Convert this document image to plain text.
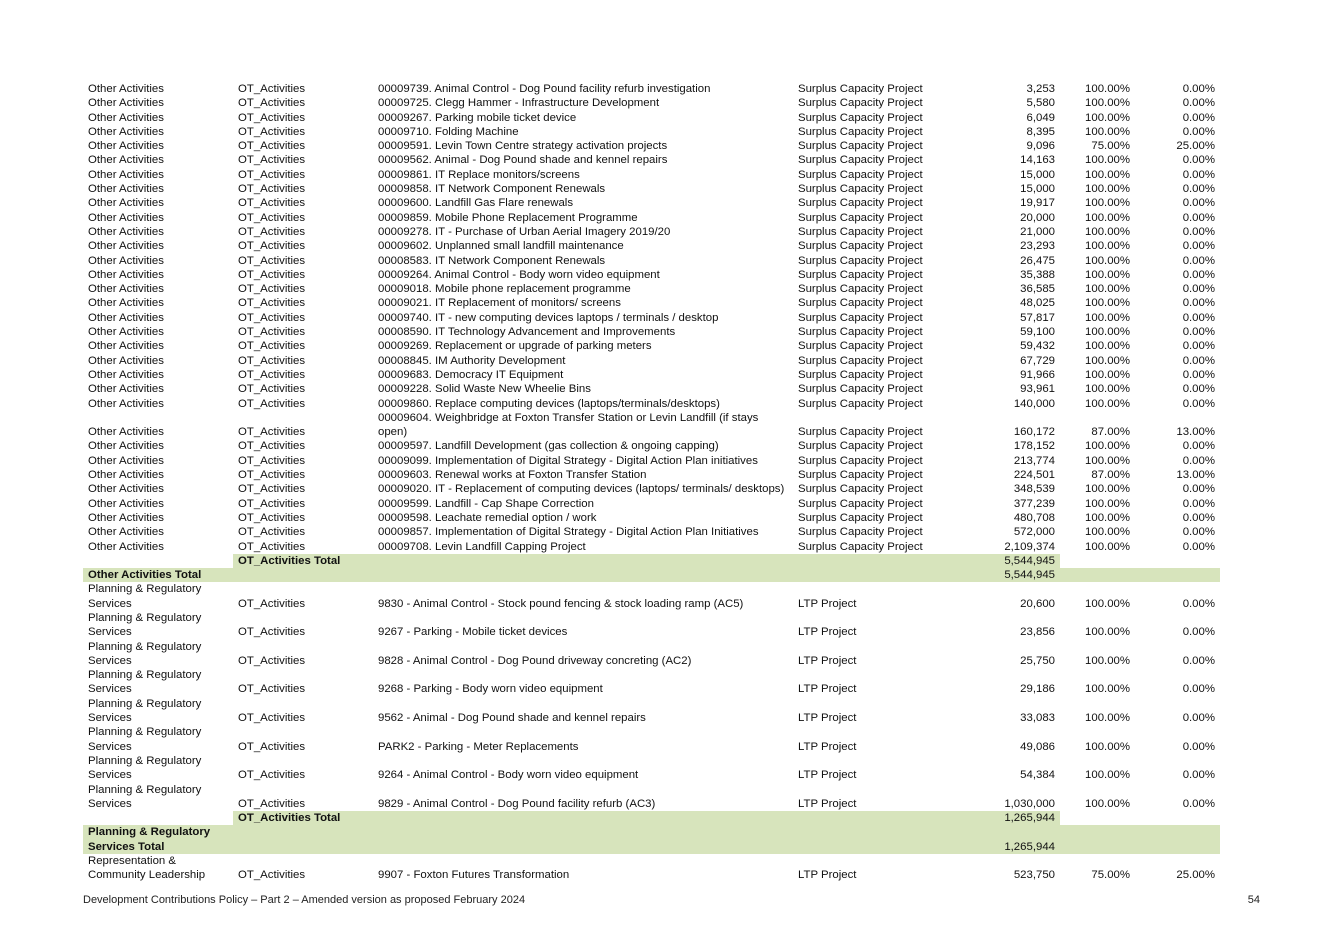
Other Activities	OT_Activities	00009739. Animal Control - Dog Pound facility refurb investigation	Surplus Capacity Project	3,253	100.00%	0.00%
Other Activities	OT_Activities	00009725. Clegg Hammer - Infrastructure Development	Surplus Capacity Project	5,580	100.00%	0.00%
Other Activities	OT_Activities	00009267. Parking mobile ticket device	Surplus Capacity Project	6,049	100.00%	0.00%
Other Activities	OT_Activities	00009710. Folding Machine	Surplus Capacity Project	8,395	100.00%	0.00%
Other Activities	OT_Activities	00009591. Levin Town Centre strategy activation projects	Surplus Capacity Project	9,096	75.00%	25.00%
Other Activities	OT_Activities	00009562. Animal - Dog Pound shade and kennel repairs	Surplus Capacity Project	14,163	100.00%	0.00%
Other Activities	OT_Activities	00009861. IT Replace monitors/screens	Surplus Capacity Project	15,000	100.00%	0.00%
Other Activities	OT_Activities	00009858. IT Network Component Renewals	Surplus Capacity Project	15,000	100.00%	0.00%
Other Activities	OT_Activities	00009600. Landfill Gas Flare renewals	Surplus Capacity Project	19,917	100.00%	0.00%
Other Activities	OT_Activities	00009859. Mobile Phone Replacement Programme	Surplus Capacity Project	20,000	100.00%	0.00%
Other Activities	OT_Activities	00009278. IT - Purchase of Urban Aerial Imagery 2019/20	Surplus Capacity Project	21,000	100.00%	0.00%
Other Activities	OT_Activities	00009602. Unplanned small landfill maintenance	Surplus Capacity Project	23,293	100.00%	0.00%
Other Activities	OT_Activities	00008583. IT Network Component Renewals	Surplus Capacity Project	26,475	100.00%	0.00%
Other Activities	OT_Activities	00009264. Animal Control - Body worn video equipment	Surplus Capacity Project	35,388	100.00%	0.00%
Other Activities	OT_Activities	00009018. Mobile phone replacement programme	Surplus Capacity Project	36,585	100.00%	0.00%
Other Activities	OT_Activities	00009021. IT Replacement of monitors/ screens	Surplus Capacity Project	48,025	100.00%	0.00%
Other Activities	OT_Activities	00009740. IT - new computing devices laptops / terminals / desktop	Surplus Capacity Project	57,817	100.00%	0.00%
Other Activities	OT_Activities	00008590. IT Technology Advancement and Improvements	Surplus Capacity Project	59,100	100.00%	0.00%
Other Activities	OT_Activities	00009269. Replacement or upgrade of parking meters	Surplus Capacity Project	59,432	100.00%	0.00%
Other Activities	OT_Activities	00008845. IM Authority Development	Surplus Capacity Project	67,729	100.00%	0.00%
Other Activities	OT_Activities	00009683. Democracy IT Equipment	Surplus Capacity Project	91,966	100.00%	0.00%
Other Activities	OT_Activities	00009228. Solid Waste New Wheelie Bins	Surplus Capacity Project	93,961	100.00%	0.00%
Other Activities	OT_Activities	00009860. Replace computing devices (laptops/terminals/desktops)	Surplus Capacity Project	140,000	100.00%	0.00%
Other Activities	OT_Activities	00009604. Weighbridge at Foxton Transfer Station or Levin Landfill (if stays open)	Surplus Capacity Project	160,172	87.00%	13.00%
Other Activities	OT_Activities	00009597. Landfill Development (gas collection & ongoing capping)	Surplus Capacity Project	178,152	100.00%	0.00%
Other Activities	OT_Activities	00009099. Implementation of Digital Strategy - Digital Action Plan initiatives	Surplus Capacity Project	213,774	100.00%	0.00%
Other Activities	OT_Activities	00009603. Renewal works at Foxton Transfer Station	Surplus Capacity Project	224,501	87.00%	13.00%
Other Activities	OT_Activities	00009020. IT - Replacement of computing devices (laptops/ terminals/ desktops)	Surplus Capacity Project	348,539	100.00%	0.00%
Other Activities	OT_Activities	00009599. Landfill - Cap Shape Correction	Surplus Capacity Project	377,239	100.00%	0.00%
Other Activities	OT_Activities	00009598. Leachate remedial option / work	Surplus Capacity Project	480,708	100.00%	0.00%
Other Activities	OT_Activities	00009857. Implementation of Digital Strategy - Digital Action Plan Initiatives	Surplus Capacity Project	572,000	100.00%	0.00%
Other Activities	OT_Activities	00009708. Levin Landfill Capping Project	Surplus Capacity Project	2,109,374	100.00%	0.00%
	OT_Activities Total			5,544,945		
Other Activities Total				5,544,945		
Planning & Regulatory Services	OT_Activities	9830 - Animal Control - Stock pound fencing & stock loading ramp (AC5)	LTP Project	20,600	100.00%	0.00%
Planning & Regulatory Services	OT_Activities	9267 - Parking - Mobile ticket devices	LTP Project	23,856	100.00%	0.00%
Planning & Regulatory Services	OT_Activities	9828 - Animal Control - Dog Pound driveway concreting (AC2)	LTP Project	25,750	100.00%	0.00%
Planning & Regulatory Services	OT_Activities	9268 - Parking - Body worn video equipment	LTP Project	29,186	100.00%	0.00%
Planning & Regulatory Services	OT_Activities	9562 - Animal - Dog Pound shade and kennel repairs	LTP Project	33,083	100.00%	0.00%
Planning & Regulatory Services	OT_Activities	PARK2 - Parking - Meter Replacements	LTP Project	49,086	100.00%	0.00%
Planning & Regulatory Services	OT_Activities	9264 - Animal Control - Body worn video equipment	LTP Project	54,384	100.00%	0.00%
Planning & Regulatory Services	OT_Activities	9829 - Animal Control - Dog Pound facility refurb (AC3)	LTP Project	1,030,000	100.00%	0.00%
	OT_Activities Total			1,265,944		
Planning & Regulatory Services Total				1,265,944		
Representation & Community Leadership	OT_Activities	9907 - Foxton Futures Transformation	LTP Project	523,750	75.00%	25.00%
Development Contributions Policy – Part 2 – Amended version as proposed February 2024	54
